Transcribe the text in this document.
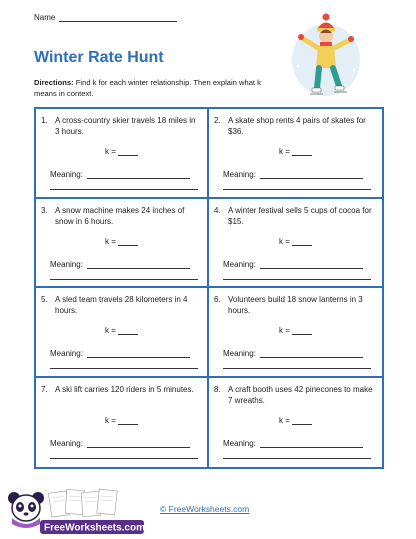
Name
Winter Rate Hunt
Directions: Find k for each winter relationship. Then explain what k means in context.
1. A cross-country skier travels 18 miles in 3 hours.
k =
Meaning:
2. A skate shop rents 4 pairs of skates for $36.
k =
Meaning:
3. A snow machine makes 24 inches of snow in 6 hours.
k =
Meaning:
4. A winter festival sells 5 cups of cocoa for $15.
k =
Meaning:
5. A sled team travels 28 kilometers in 4 hours.
k =
Meaning:
6. Volunteers build 18 snow lanterns in 3 hours.
k =
Meaning:
7. A ski lift carries 120 riders in 5 minutes.
k =
Meaning:
8. A craft booth uses 42 pinecones to make 7 wreaths.
k =
Meaning:
FreeWorksheets.com
© FreeWorksheets.com
